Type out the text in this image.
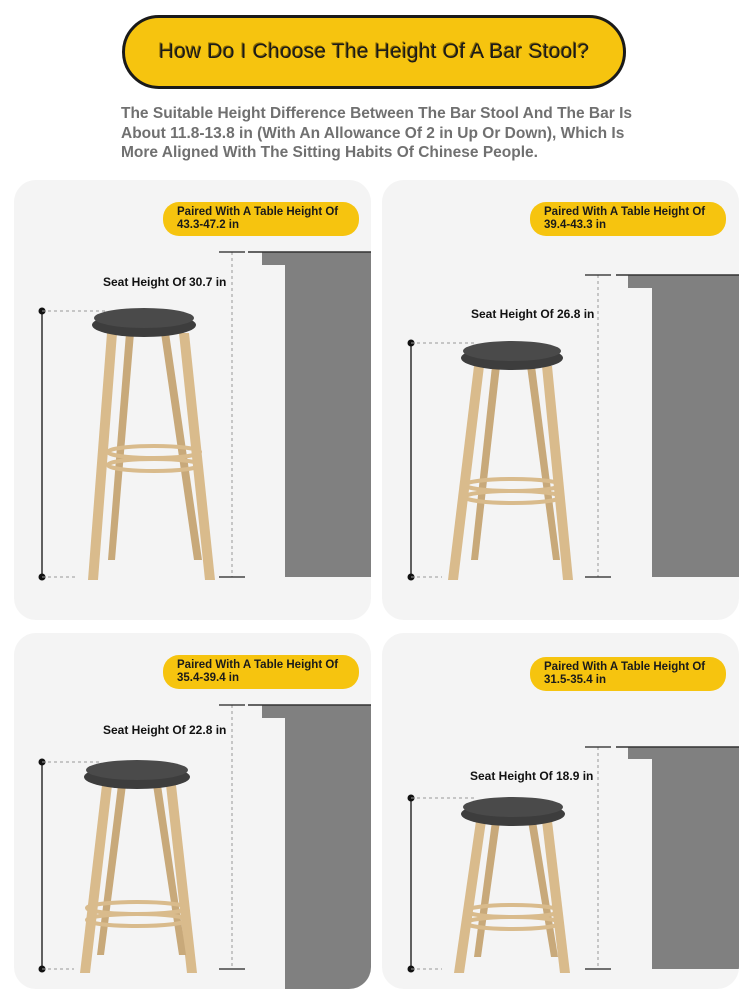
How Do I Choose The Height Of A Bar Stool?

The Suitable Height Difference Between The Bar Stool And The Bar Is About 11.8-13.8 in (With An Allowance Of 2 in Up Or Down), Which Is More Aligned With The Sitting Habits Of Chinese People.

Paired With A Table Height Of 43.3-47.2 in
Seat Height Of 30.7 in
Paired With A Table Height Of 39.4-43.3 in
Seat Height Of 26.8 in
Paired With A Table Height Of 35.4-39.4 in
Seat Height Of 22.8 in
Paired With A Table Height Of 31.5-35.4 in
Seat Height Of 18.9 in
